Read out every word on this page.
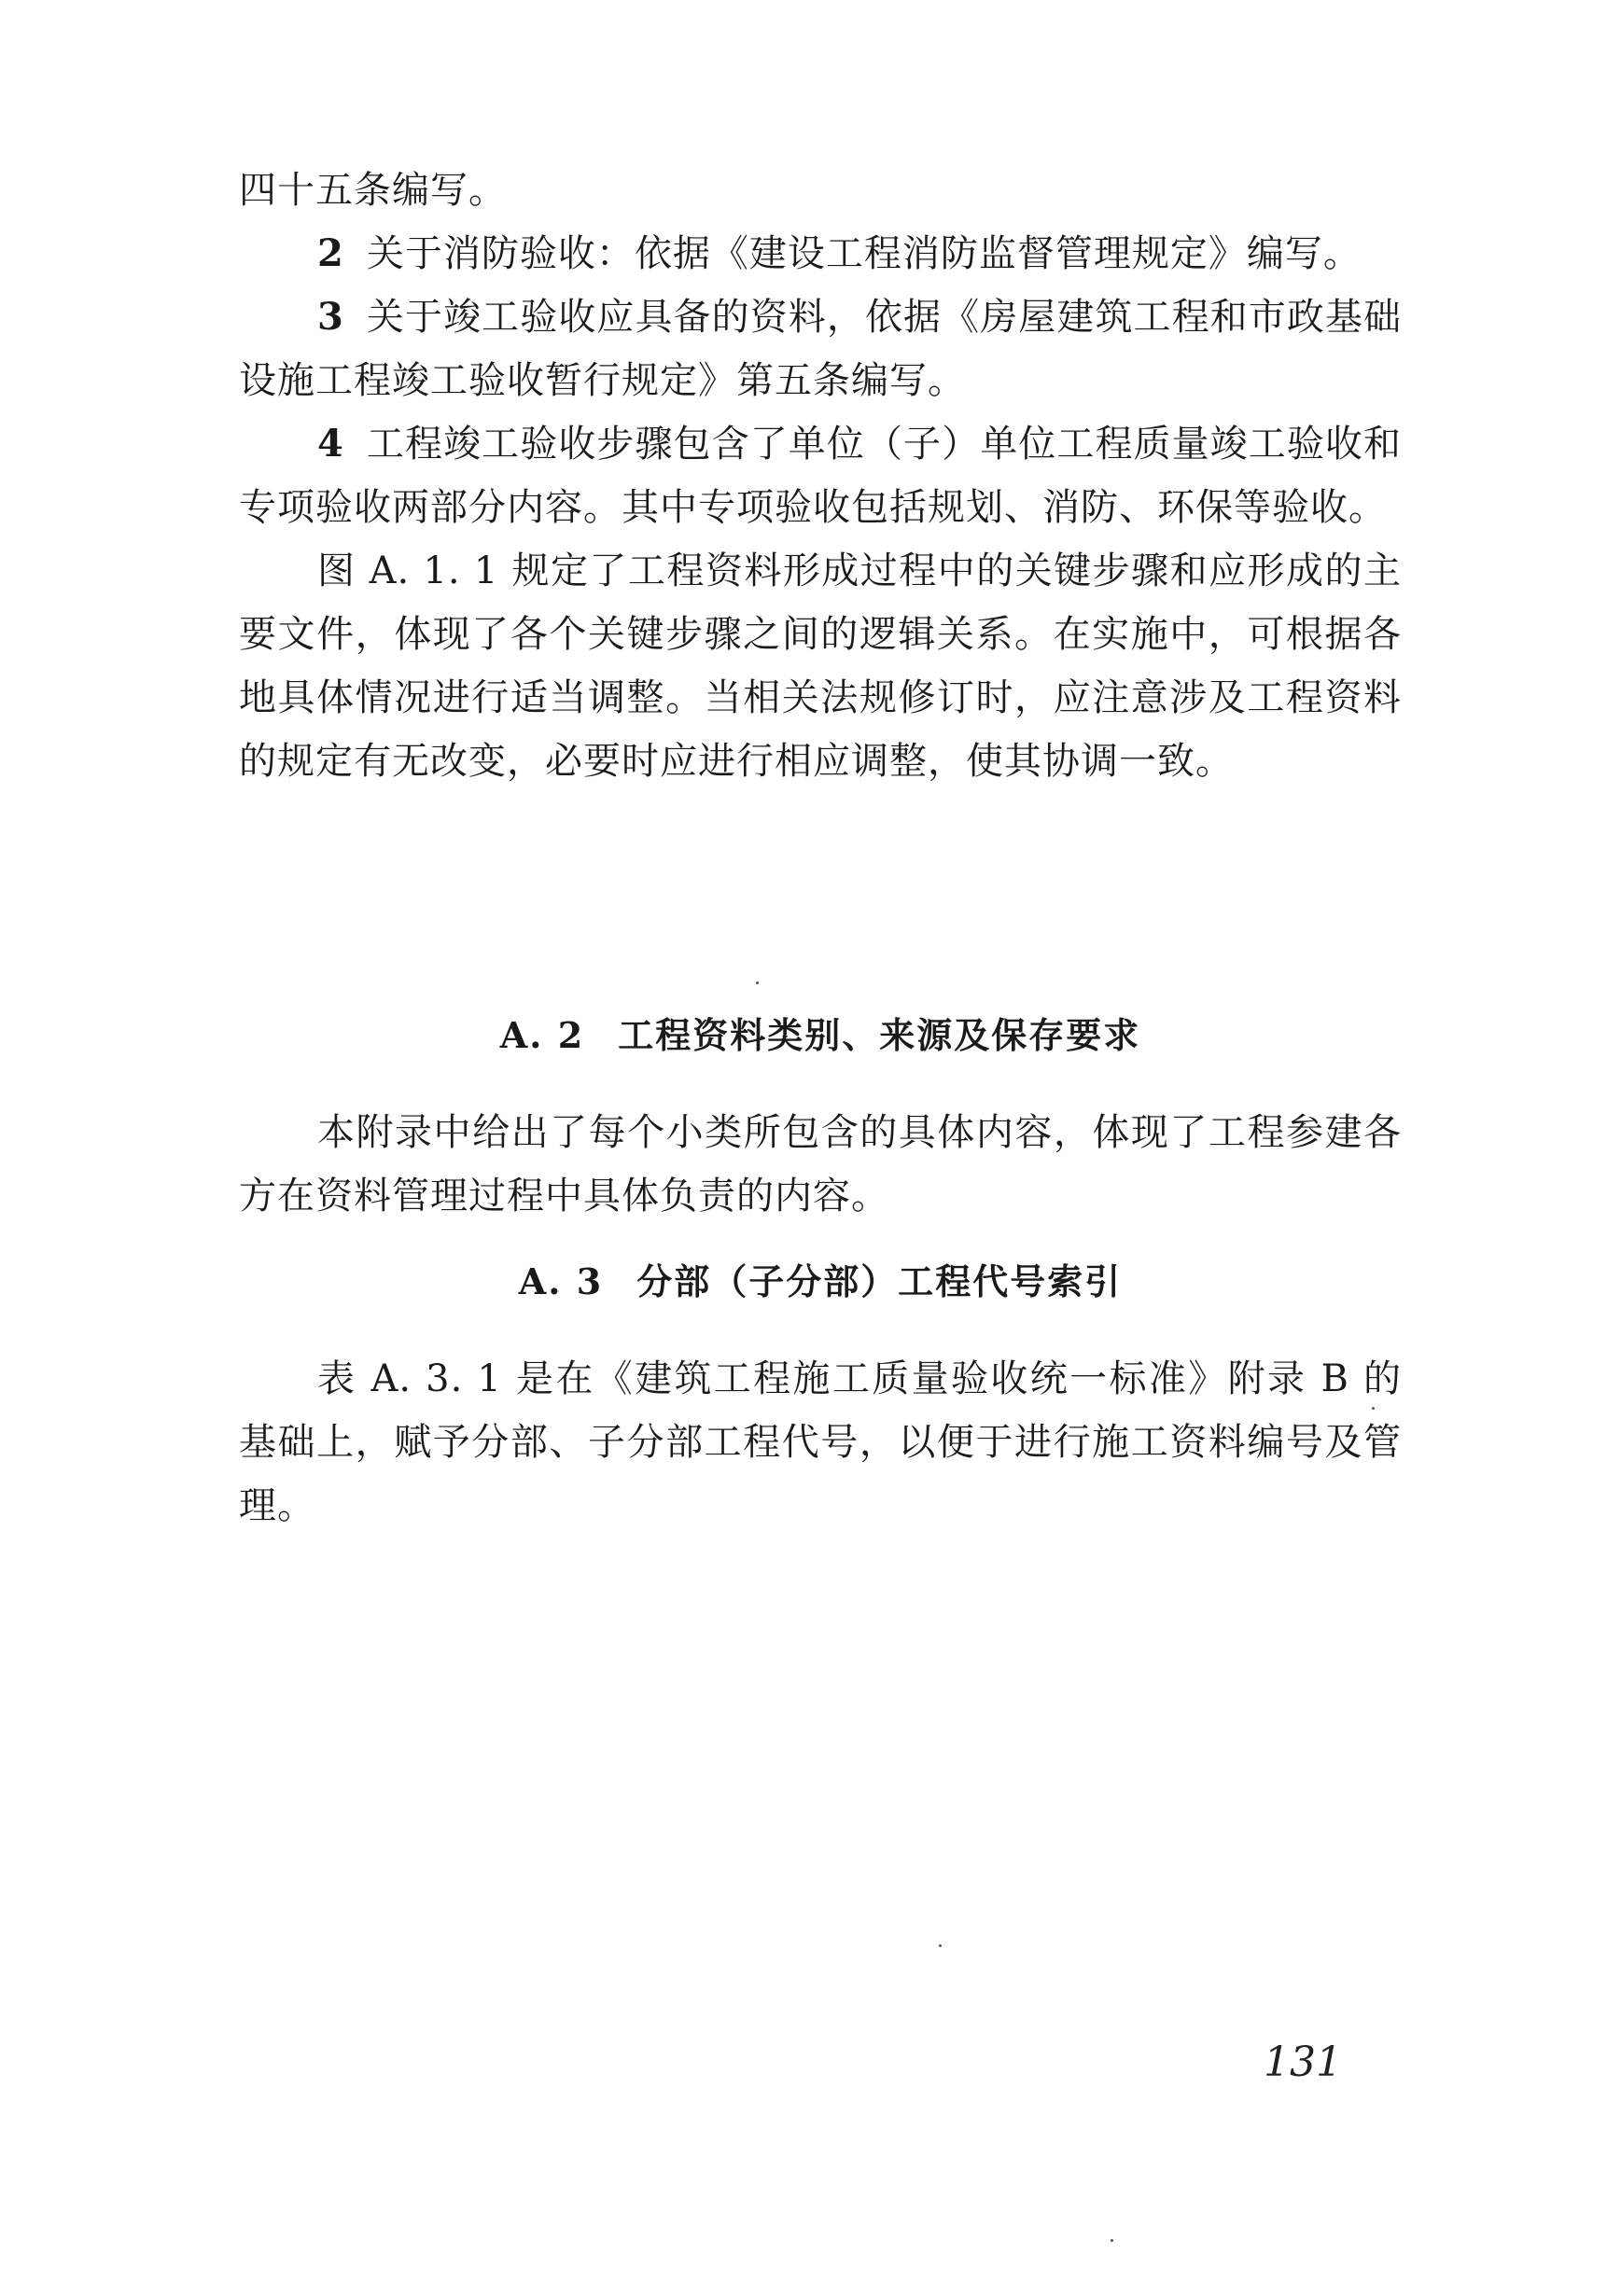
四十五条编写。

2 关于消防验收：依据《建设工程消防监督管理规定》编写。

3 关于竣工验收应具备的资料，依据《房屋建筑工程和市政基础设施工程竣工验收暂行规定》第五条编写。

4 工程竣工验收步骤包含了单位（子）单位工程质量竣工验收和专项验收两部分内容。其中专项验收包括规划、消防、环保等验收。

图 A. 1. 1 规定了工程资料形成过程中的关键步骤和应形成的主要文件，体现了各个关键步骤之间的逻辑关系。在实施中，可根据各地具体情况进行适当调整。当相关法规修订时，应注意涉及工程资料的规定有无改变，必要时应进行相应调整，使其协调一致。

A. 2 工程资料类别、来源及保存要求

本附录中给出了每个小类所包含的具体内容，体现了工程参建各方在资料管理过程中具体负责的内容。

A. 3 分部（子分部）工程代号索引

表 A. 3. 1 是在《建筑工程施工质量验收统一标准》附录 B 的基础上，赋予分部、子分部工程代号，以便于进行施工资料编号及管理。

131
